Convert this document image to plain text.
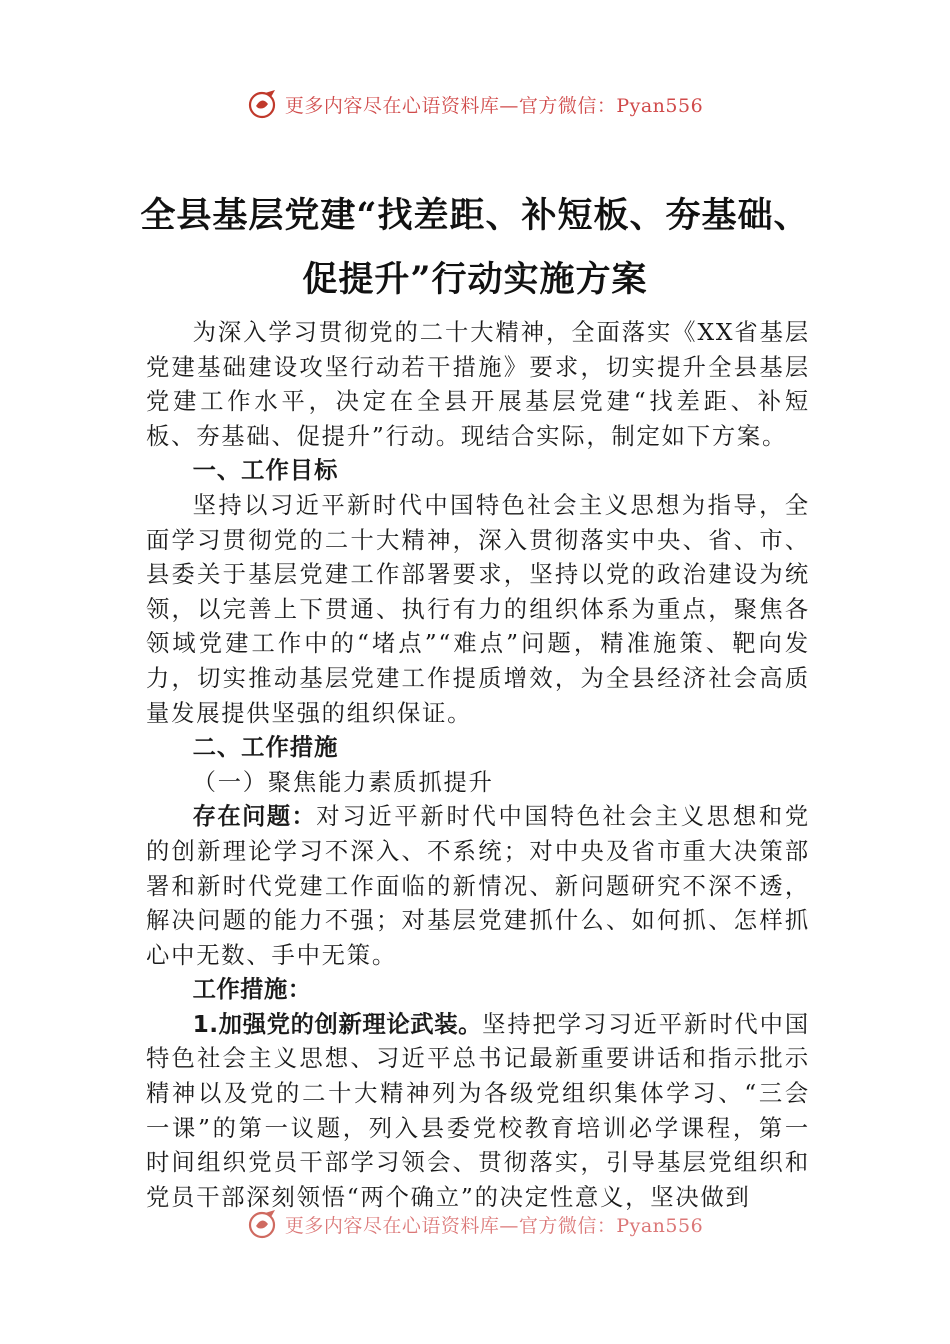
更多内容尽在心语资料库—官方微信：Pyan556
全县基层党建“找差距、补短板、夯基础、
促提升”行动实施方案

为深入学习贯彻党的二十大精神，全面落实《XX省基层党建基础建设攻坚行动若干措施》要求，切实提升全县基层党建工作水平，决定在全县开展基层党建“找差距、补短板、夯基础、促提升”行动。现结合实际，制定如下方案。

一、工作目标

坚持以习近平新时代中国特色社会主义思想为指导，全面学习贯彻党的二十大精神，深入贯彻落实中央、省、市、县委关于基层党建工作部署要求，坚持以党的政治建设为统领，以完善上下贯通、执行有力的组织体系为重点，聚焦各领域党建工作中的“堵点”“难点”问题，精准施策、靶向发力，切实推动基层党建工作提质增效，为全县经济社会高质量发展提供坚强的组织保证。

二、工作措施

（一）聚焦能力素质抓提升

存在问题：对习近平新时代中国特色社会主义思想和党的创新理论学习不深入、不系统；对中央及省市重大决策部署和新时代党建工作面临的新情况、新问题研究不深不透，解决问题的能力不强；对基层党建抓什么、如何抓、怎样抓心中无数、手中无策。

工作措施：

1.加强党的创新理论武装。坚持把学习习近平新时代中国特色社会主义思想、习近平总书记最新重要讲话和指示批示精神以及党的二十大精神列为各级党组织集体学习、“三会一课”的第一议题，列入县委党校教育培训必学课程，第一时间组织党员干部学习领会、贯彻落实，引导基层党组织和党员干部深刻领悟“两个确立”的决定性意义，坚决做到

更多内容尽在心语资料库—官方微信：Pyan556
